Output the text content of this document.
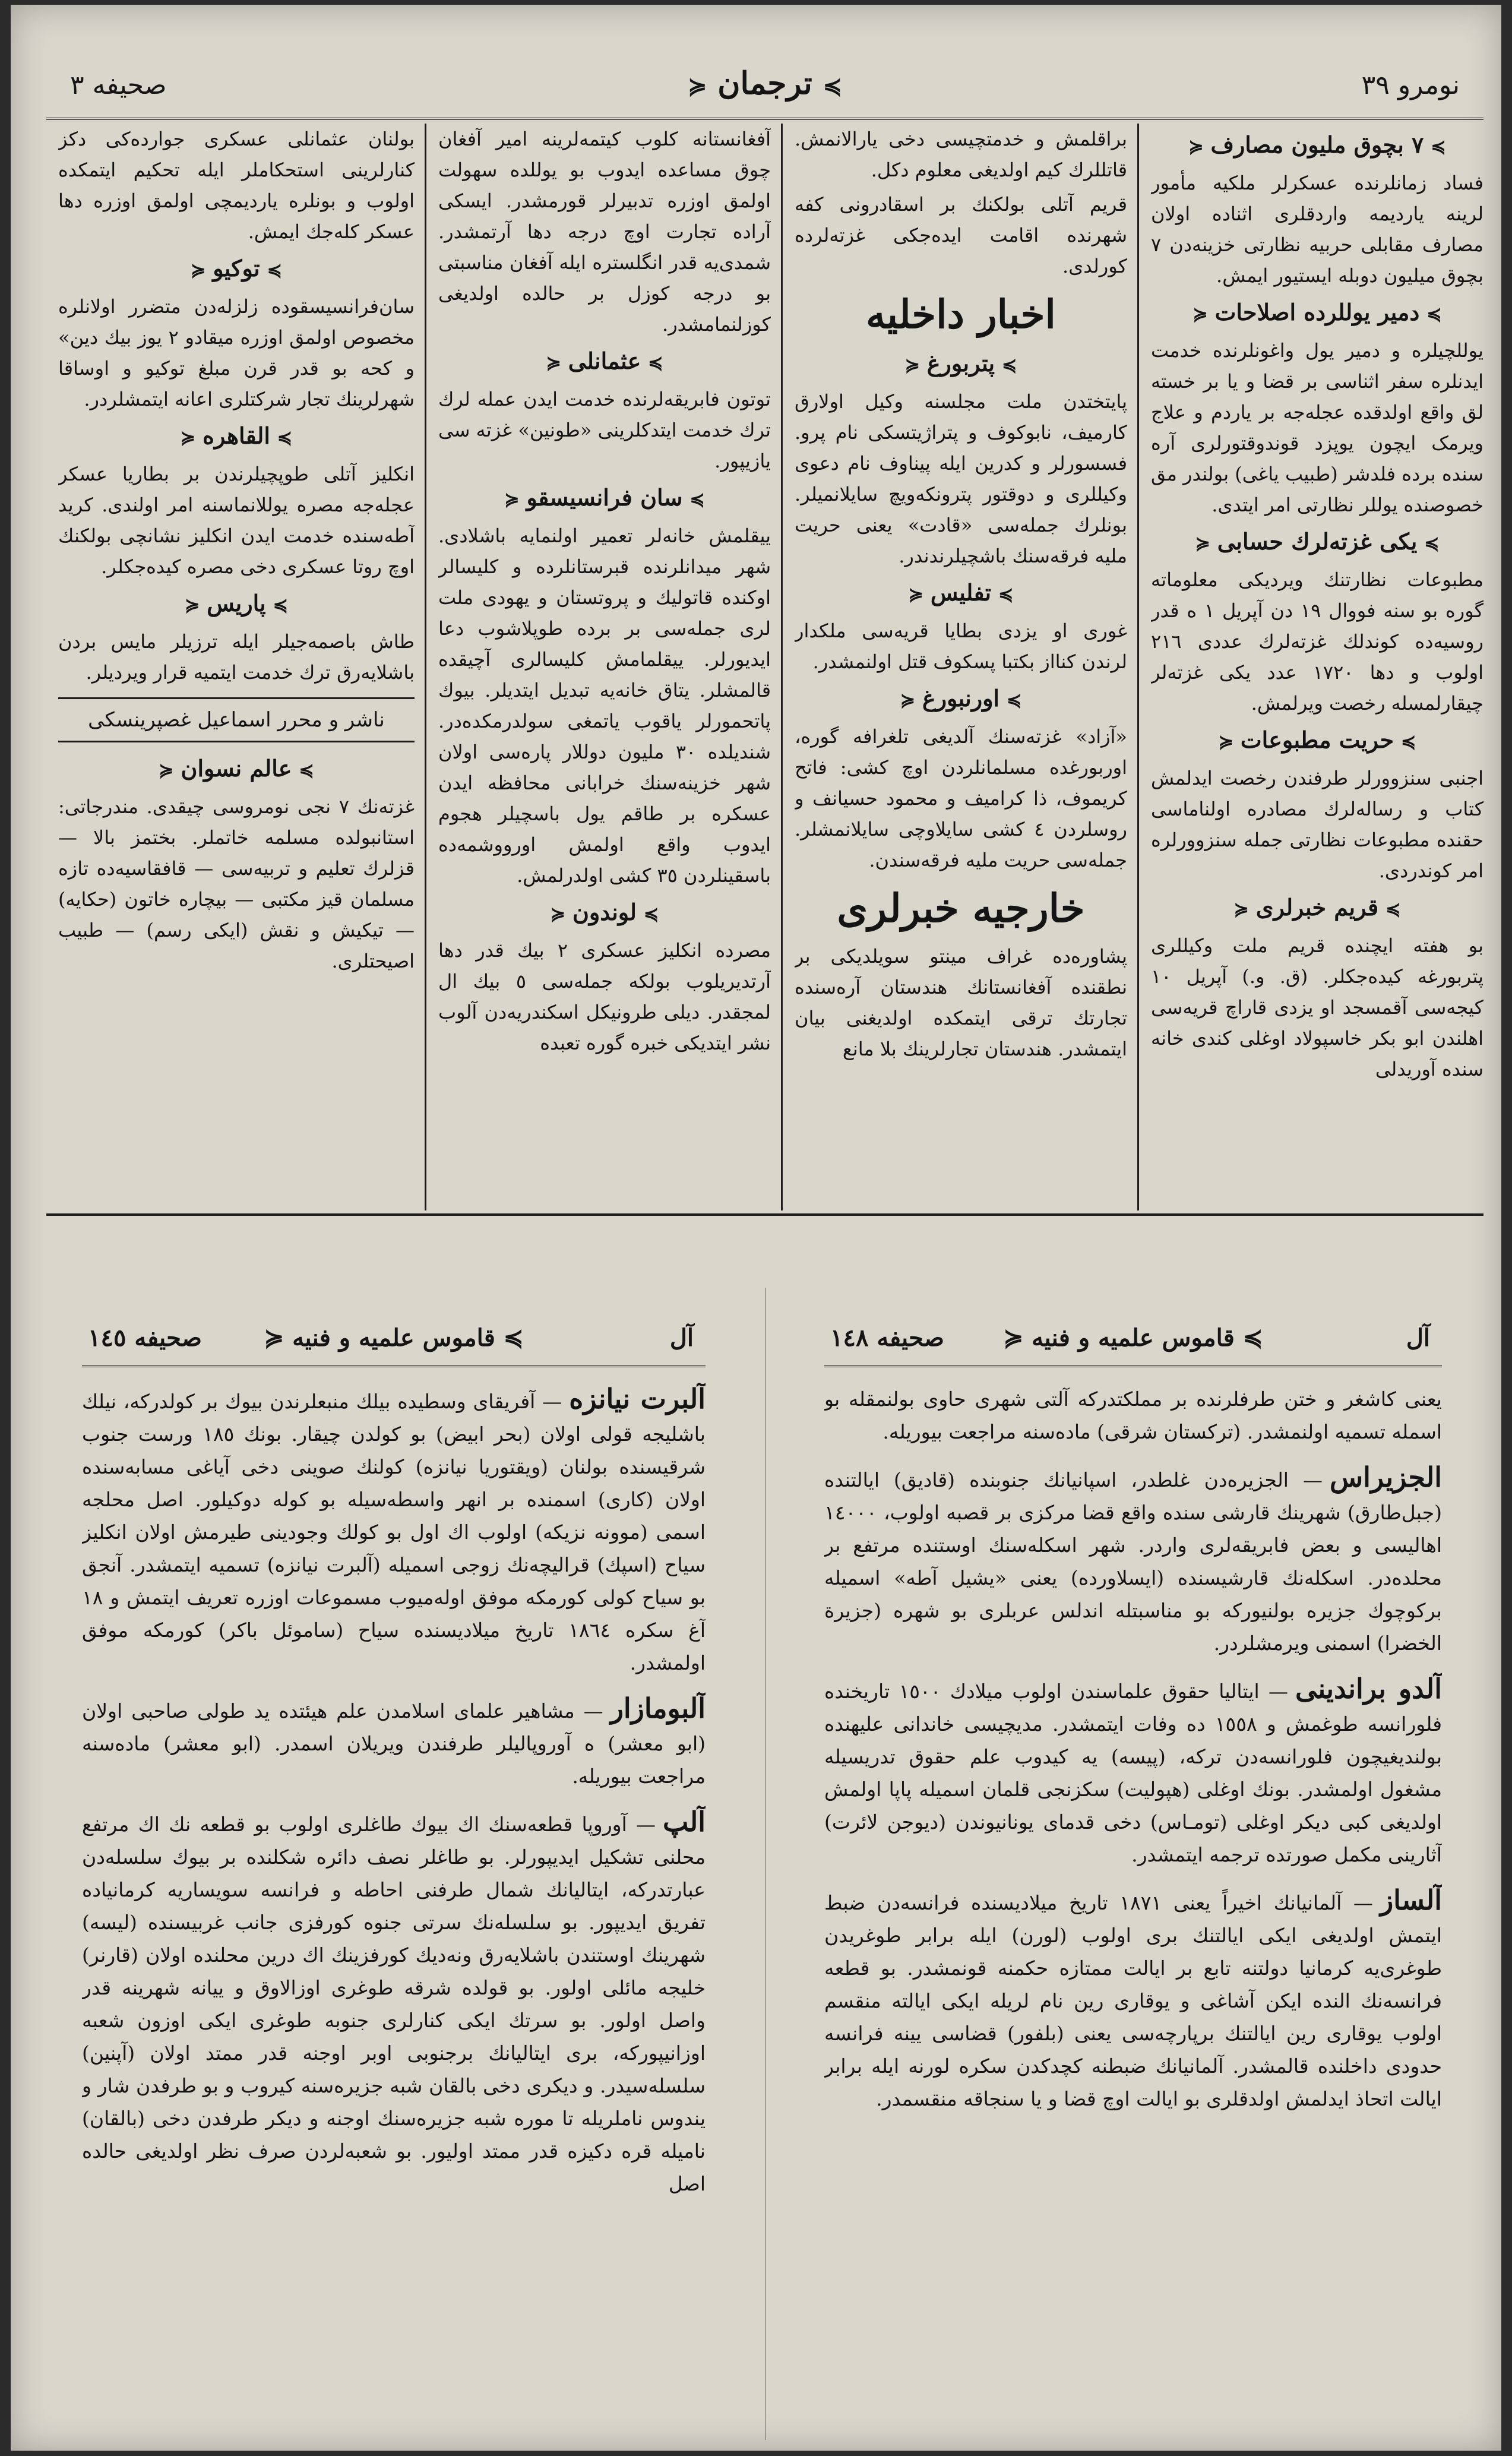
نومرو ٣٩
≽ ترجمان ≼
صحیفه ٣
≽٧ بچوق مليون مصارف≼

فساد زمانلرنده عسکرلر ملکیه مأمور لرینه یاردیمه واردقلری اثناده اولان مصارف مقابلی حربیه نظارتی خزینه‌دن ٧ بچوق میلیون دوبله ایستیور ایمش.

≽دمیر یوللرده اصلاحات≼

یوللچیلره و دمیر یول واغونلرنده خدمت ایدنلره سفر اثناسی بر قضا و یا بر خسته لق واقع اولدقده عجله‌جه بر یاردم و علاج ویرمک ایچون یوپزد قوندوقتورلری آره سنده برده فلدشر (طبیب یاغی) بولندر مق خصوصنده یوللر نظارتی امر ایتدی.

≽یکی غزته‌لرك حسابی≼

مطبوعات نظارتنك ویردیکی معلوماته گوره بو سنه فووال ١٩ دن آپریل ١ ه قدر روسیه‌ده کوندلك غزته‌لرك عددی ٢١٦ اولوب و دها ١٧٢٠ عدد یکی غزته‌لر چیقارلمسله رخصت ویرلمش.

≽حریت مطبوعات≼

اجنبی سنزوورلر طرفندن رخصت ایدلمش کتاب و رساله‌لرك مصادره اولناماسی حقنده مطبوعات نظارتی جمله سنزوورلره امر کوندردی.

≽قریم خبرلری≼

بو هفته ایچنده قریم ملت وکیللری پتربورغه کیده‌جکلر. (ق. و.) آپریل ١٠ کیجه‌سی آقمسجد او یزدی قاراچ قریه‌سی اهلندن ابو بکر خاسپولاد اوغلی کندی خانه سنده آوریدلی

براقلمش و خدمتچیسی دخی یارالانمش. قاتللرك کیم اولدیغی معلوم دکل.

قریم آتلی بولکنك بر اسقادرونی کفه شهرنده اقامت ایده‌جکی غزته‌لرده کورلدی.

اخبار داخلیه
≽پتربورغ≼

پایتختدن ملت مجلسنه وکیل اولارق کارمیف، نابوکوف و پتراژیتسکی نام پرو. فسسورلر و کدرین ایله پیناوف نام دعوی وکیللری و دوقتور پترونکه‌ویچ سایلانمیلر. بونلرك جمله‌سی «قادت» یعنی حریت ملیه فرقه‌سنك باشچیلرندندر.

≽تفلیس≼

غوری او یزدی بطایا قریه‌سی ملکدار لرندن کنااز بکتبا پسکوف قتل اولنمشدر.

≽اورنبورغ≼

«آزاد» غزته‌سنك آلدیغی تلغرافه گوره، اوربورغده مسلمانلردن اوچ کشی: فاتح کریموف، ذا کرامیف و محمود حسیانف و روسلردن ٤ کشی سایلاوچی سایلانمشلر. جمله‌سی حریت ملیه فرقه‌سندن.

خارجیه خبرلری

پشاوره‌ده غراف مینتو سویلدیکی بر نطقنده آفغانستانك هندستان آره‌سنده تجارتك ترقی ایتمکده اولدیغنی بیان ایتمشدر. هندستان تجارلرینك بلا مانع

آفغانستانه کلوب کیتمه‌لرینه امیر آفغان چوق مساعده ایدوب بو یوللده سهولت اولمق اوزره تدبیرلر قورمشدر. ایسکی آراده تجارت اوچ درجه دها آرتمشدر. شمدی‌یه قدر انگلستره ایله آفغان مناسبتی بو درجه کوزل بر حالده اولدیغی کوزلنمامشدر.

≽عثمانلی≼

توتون فابریقه‌لرنده خدمت ایدن عمله لرك ترك خدمت ایتدکلرینی «طونین» غزته سی یازیپور.

≽سان فرانسیسقو≼

ییقلمش خانه‌لر تعمیر اولنمایه باشلادی. شهر میدانلرنده قبرستانلرده و کلیسالر اوکنده قاتولیك و پروتستان و یهودی ملت لری جمله‌سی بر برده طوپلاشوب دعا ایدیورلر. ییقلمامش کلیسالری آچیقده قالمشلر. یتاق خانه‌یه تبدیل ایتدیلر. بیوك پاتحمورلر یاقوب یاتمغی سولدرمکده‌در. شندیلده ٣٠ ملیون دوللار پاره‌سی اولان شهر خزینه‌سنك خرابانی محافظه ایدن عسکره بر طاقم یول باسچیلر هجوم ایدوب واقع اولمش اورووشمه‌ده باسقینلردن ٣٥ کشی اولدرلمش.

≽لوندون≼

مصرده انکلیز عسکری ٢ بیك قدر دها آرتدیریلوب بولکه جمله‌سی ٥ بیك ال لمجقدر. دیلی طرونیکل اسکندریه‌دن آلوب نشر ایتدیکی خبره گوره تعبده

بولنان عثمانلی عسکری جوارده‌کی دکز کنارلرینی استحکاملر ایله تحکیم ایتمکده اولوب و بونلره یاردیمچی اولمق اوزره دها عسکر کله‌جك ایمش.

≽توکیو≼

سان‌فرانسیسقوده زلزله‌دن متضرر اولانلره مخصوص اولمق اوزره میقادو ٢ یوز بیك دین» و کحه بو قدر قرن مبلغ توکیو و اوساقا شهرلرینك تجار شرکتلری اعانه ایتمشلردر.

≽القاهره≼

انکلیز آتلی طوپچیلرندن بر بطاریا عسکر عجله‌جه مصره یوللانماسنه امر اولندی. کرید آطه‌سنده خدمت ایدن انکلیز نشانچی بولکنك اوچ روتا عسکری دخی مصره کیده‌جکلر.

≽پاریس≼

طاش باصمه‌جیلر ایله ترزیلر مایس بردن باشلایه‌رق ترك خدمت ایتمیه قرار ویردیلر.

ناشر و محرر اسماعیل غصپرینسکی
≽عالم نسوان≼

غزته‌نك ٧ نجی نومروسی چیقدی. مندرجاتی: استانبولده مسلمه خاتملر. بختمز بالا — قزلرك تعلیم و تربیه‌سی — قافقاسیه‌ده تازه مسلمان قیز مکتبی — بیچاره خاتون (حکایه) — تیکیش و نقش (ایکی رسم) — طبیب اصیحتلری.

آل
≽ قاموس علمیه و فنیه ≼
صحیفه ١٤٨

یعنی کاشغر و ختن طرفلرنده بر مملکتدرکه آلتی شهری حاوی بولنمقله بو اسمله تسمیه اولنمشدر. (ترکستان شرقی) ماده‌سنه مراجعت بیوریله.

الجزیراس— الجزیره‌دن غلطدر، اسپانیانك جنوبنده (قادیق) ایالتنده (جبل‌طارق) شهرینك قارشی سنده واقع قضا مرکزی بر قصبه اولوب، ١٤٠٠٠ اهالیسی و بعض فابریقه‌لری واردر. شهر اسکله‌سنك اوستنده مرتفع بر محلده‌در. اسکله‌نك قارشیسنده (ایسلاورده) یعنی «یشیل آطه» اسمیله برکوچوك جزیره بولنیورکه بو مناسبتله اندلس عربلری بو شهره (جزیرة الخضرا) اسمنی ویرمشلردر.

آلدو براندینی— ایتالیا حقوق علماسندن اولوب میلادك ١٥٠٠ تاریخنده فلورانسه طوغمش و ١٥٥٨ ده وفات ایتمشدر. مدیچیسی خاندانی علیهنده بولندیغیچون فلورانسه‌دن ترکه، (پیسه) یه کیدوب علم حقوق تدریسیله مشغول اولمشدر. بونك اوغلی (هپولیت) سکزنجی قلمان اسمیله پاپا اولمش اولدیغی کبی دیکر اوغلی (تومـاس) دخی قدمای یونانیوندن (دیوجن لائرت) آثارینی مکمل صورتده ترجمه ایتمشدر.

آلساز— آلمانیانك اخیراً یعنی ١٨٧١ تاریخ میلادیسنده فرانسه‌دن ضبط ایتمش اولدیغی ایکی ایالتنك بری اولوب (لورن) ایله برابر طوغریدن طوغری‌یه کرمانیا دولتنه تابع بر ایالت ممتازه حکمنه قونمشدر. بو قطعه فرانسه‌نك النده ایکن آشاغی و یوقاری رین نام لریله ایکی ایالته منقسم اولوب یوقاری رین ایالتنك برپارچه‌سی یعنی (بلفور) قضاسی یینه فرانسه حدودی داخلنده قالمشدر. آلمانیانك ضبطنه کچدکدن سکره لورنه ایله برابر ایالت اتحاذ ایدلمش اولدقلری بو ایالت اوچ قضا و یا سنجاقه منقسمدر.

آل
≽ قاموس علمیه و فنیه ≼
صحیفه ١٤٥

آلبرت نیانزه— آفریقای وسطیده بیلك منبعلرندن بیوك بر کولدرکه، نیلك باشلیجه قولی اولان (بحر ابیض) بو کولدن چیقار. بونك ١٨٥ ورست جنوب شرقیسنده بولنان (ویقتوریا نیانزه) کولنك صوینی دخی آیاغی مسابه‌سنده اولان (کاری) اسمنده بر انهر واسطه‌سیله بو کوله دوکیلور. اصل محلجه اسمی (موونه نزیکه) اولوب اك اول بو کولك وجودینی طیرمش اولان انکلیز سیاح (اسپك) قرالیچه‌نك زوجی اسمیله (آلبرت نیانزه) تسمیه ایتمشدر. آنجق بو سیاح کولی کورمکه موفق اوله‌میوب مسموعات اوزره تعریف ایتمش و ١٨ آغ سکره ١٨٦٤ تاریخ میلادیسنده سیاح (ساموئل باکر) کورمکه موفق اولمشدر.

آلبومازار— مشاهیر علمای اسلامدن علم هیئتده ید طولی صاحبی اولان (ابو معشر) ه آوروپالیلر طرفندن ویریلان اسمدر. (ابو معشر) ماده‌سنه مراجعت بیوریله.

آلپ— آوروپا قطعه‌سنك اك بیوك طاغلری اولوب بو قطعه نك اك مرتفع محلنی تشکیل ایدیپورلر. بو طاغلر نصف دائره شکلنده بر بیوك سلسله‌دن عبارتدرکه، ایتالیانك شمال طرفنی احاطه و فرانسه سویساریه کرمانیاده تفریق ایدیپور. بو سلسله‌نك سرتی جنوه کورفزی جانب غربیسنده (لیسه) شهرینك اوستندن باشلایه‌رق ونه‌دیك کورفزینك اك درین محلنده اولان (قارنر) خلیجه مائلی اولور. بو قولده شرقه طوغری اوزالاوق و ییانه شهرینه قدر واصل اولور. بو سرتك ایکی کنارلری جنوبه طوغری ایکی اوزون شعبه اوزانیپورکه، بری ایتالیانك برجنوبی اوبر اوجنه قدر ممتد اولان (آپنین) سلسله‌سیدر. و دیکری دخی بالقان شبه جزیره‌سنه کیروب و بو طرفدن شار و یندوس ناملریله تا موره شبه جزیره‌سنك اوجنه و دیکر طرفدن دخی (بالقان) نامیله قره دکیزه قدر ممتد اولیور. بو شعبه‌لردن صرف نظر اولدیغی حالده اصل
